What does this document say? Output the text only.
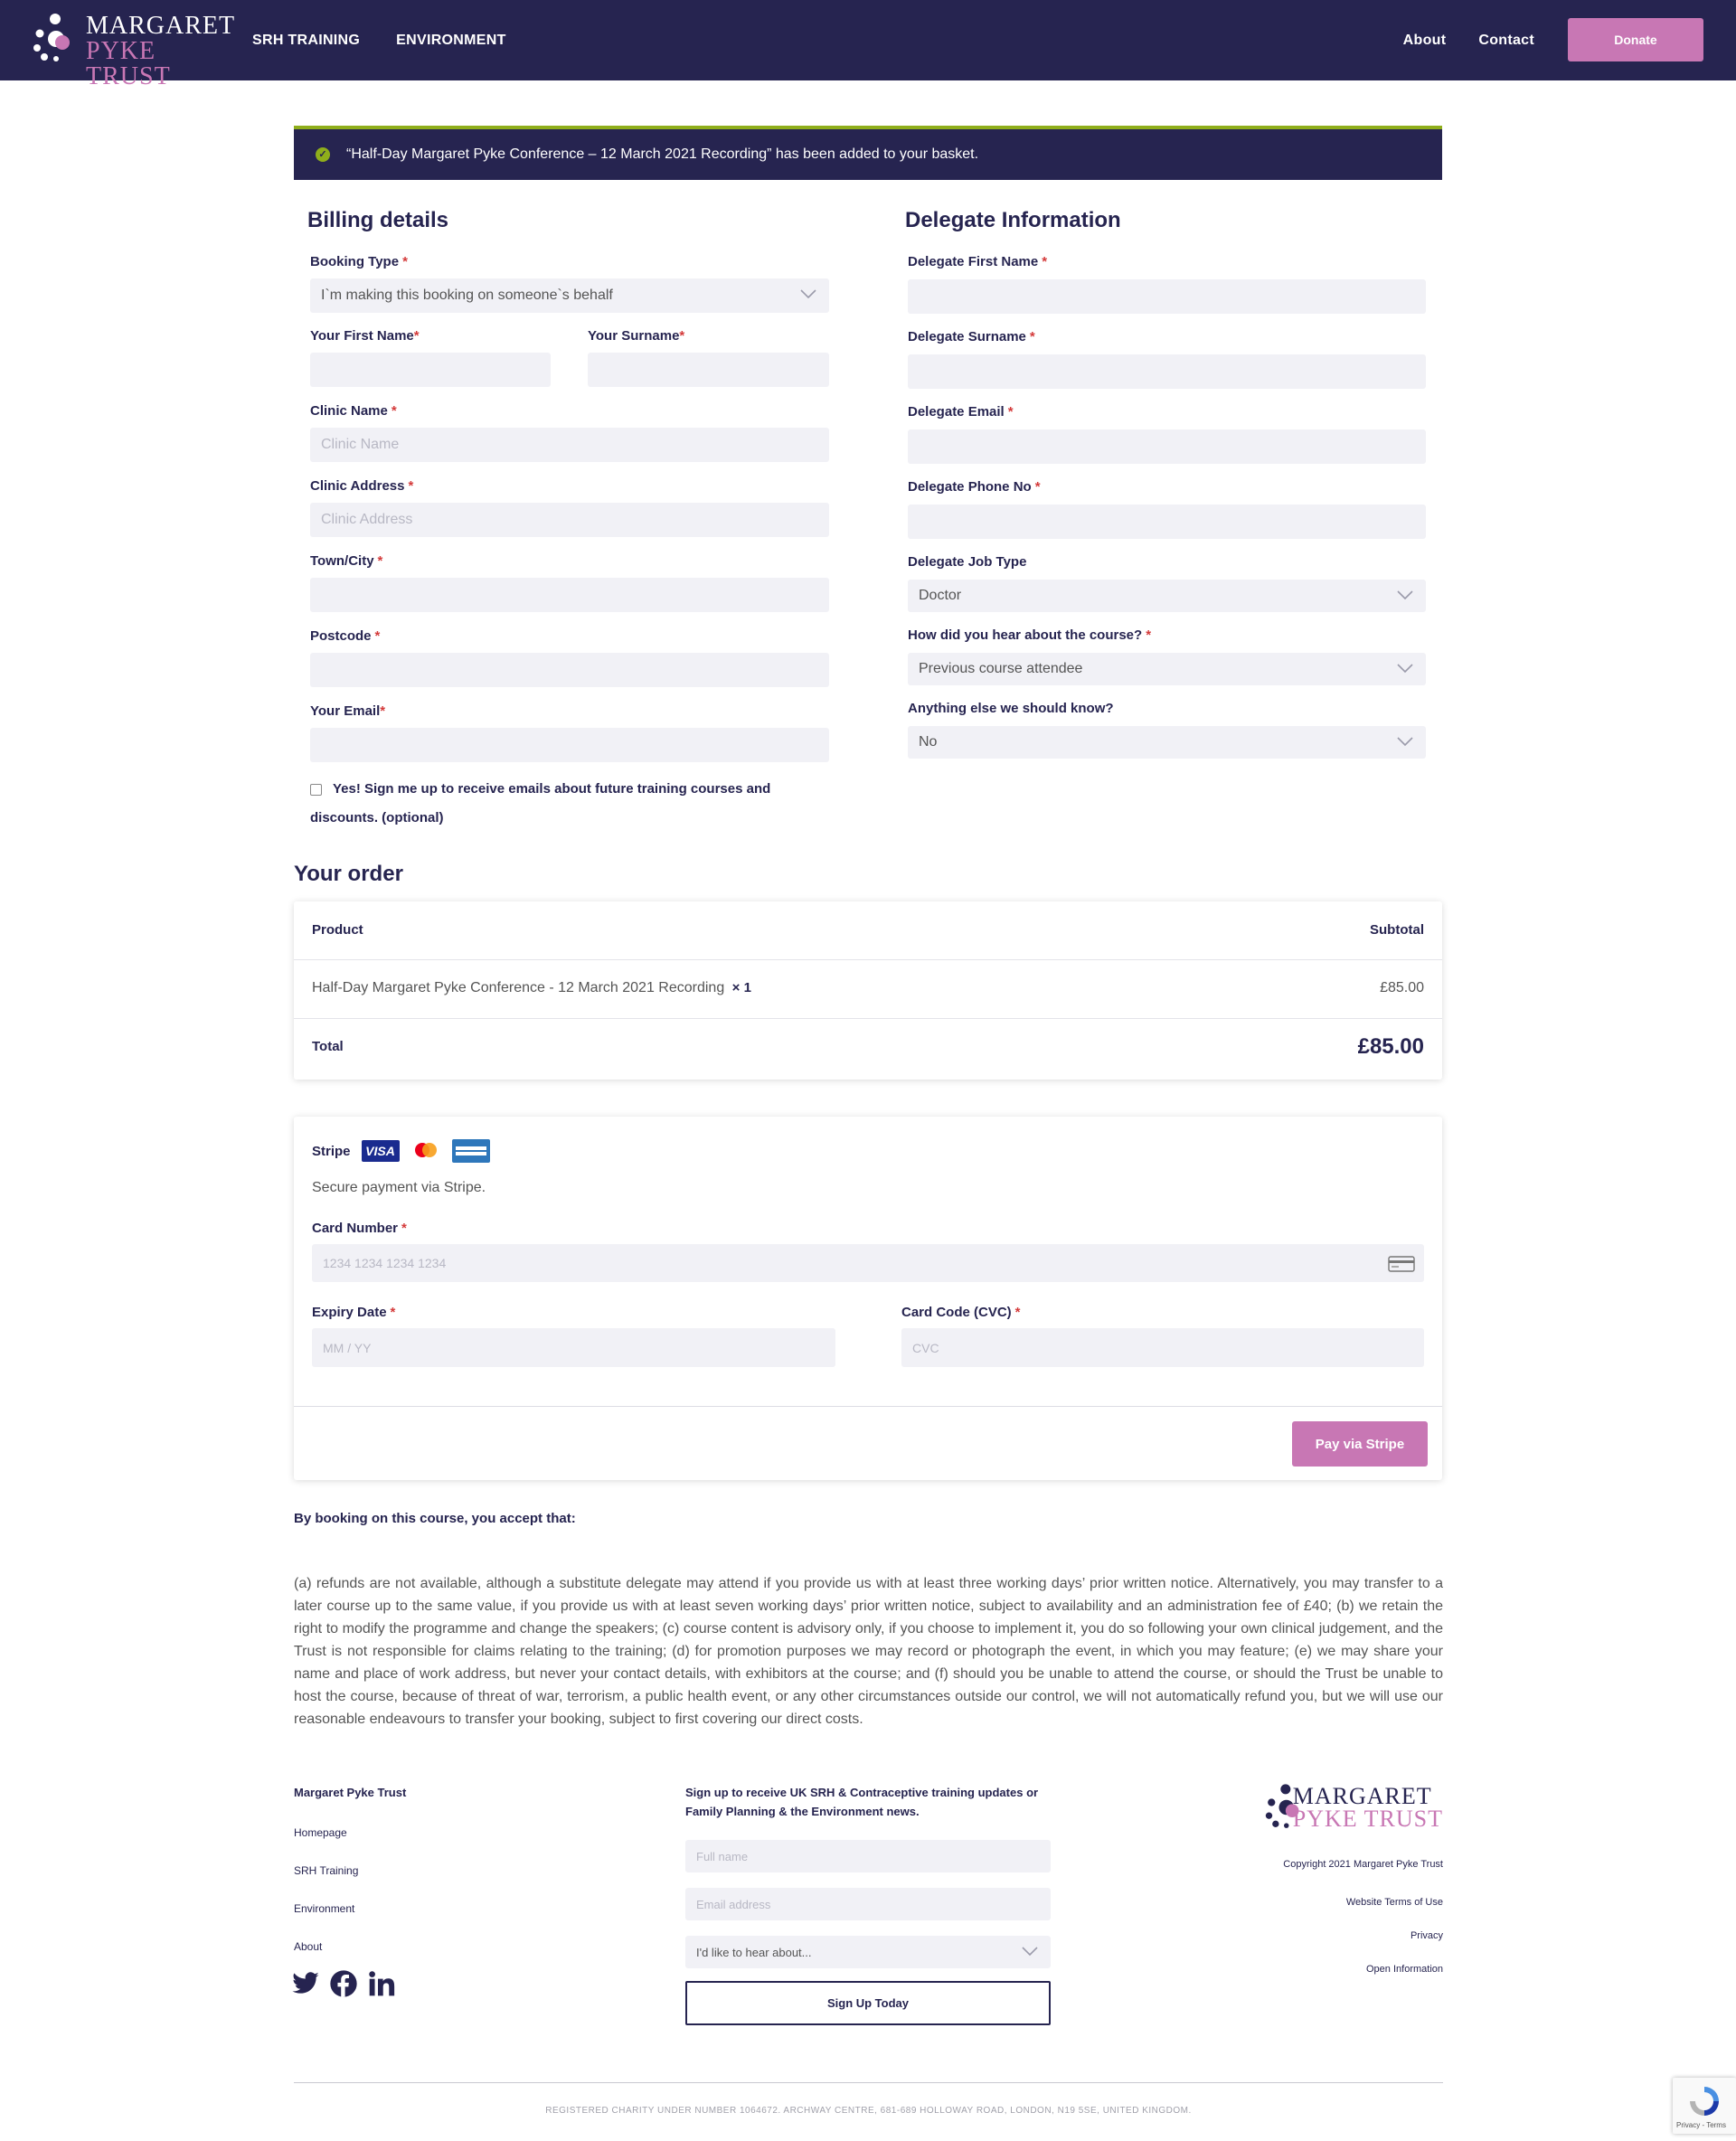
MARGARET
PYKE TRUST
SRH TRAINING	ENVIRONMENT	About Contact	Donate
✓ “Half-Day Margaret Pyke Conference – 12 March 2021 Recording” has been added to your basket.
Billing details
Booking Type *
I`m making this booking on someone`s behalf
Your First Name*	Your Surname*
Clinic Name *
Clinic Name
Clinic Address *
Clinic Address
Town/City *
Postcode *
Your Email*
Yes! Sign me up to receive emails about future training courses and discounts. (optional)
Delegate Information
Delegate First Name *
Delegate Surname *
Delegate Email *
Delegate Phone No *
Delegate Job Type
Doctor
How did you hear about the course? *
Previous course attendee
Anything else we should know?
No
Your order
Product	Subtotal
Half-Day Margaret Pyke Conference - 12 March 2021 Recording × 1	£85.00
Total	£85.00
Stripe	VISA
Secure payment via Stripe.
Card Number *
1234 1234 1234 1234
Expiry Date *
MM / YY	Card Code (CVC) *
CVC
Pay via Stripe
By booking on this course, you accept that:
(a) refunds are not available, although a substitute delegate may attend if you provide us with at least three working days’ prior written notice. Alternatively, you may transfer to a later course up to the same value, if you provide us with at least seven working days’ prior written notice, subject to availability and an administration fee of £40; (b) we retain the right to modify the programme and change the speakers; (c) course content is advisory only, if you choose to implement it, you do so following your own clinical judgement, and the Trust is not responsible for claims relating to the training; (d) for promotion purposes we may record or photograph the event, in which you may feature; (e) we may share your name and place of work address, but never your contact details, with exhibitors at the course; and (f) should you be unable to attend the course, or should the Trust be unable to host the course, because of threat of war, terrorism, a public health event, or any other circumstances outside our control, we will not automatically refund you, but we will use our reasonable endeavours to transfer your booking, subject to first covering our direct costs.
Margaret Pyke Trust
Homepage
SRH Training
Environment
About
Sign up to receive UK SRH & Contraceptive training updates or Family Planning & the Environment news.
Full name
Email address
I'd like to hear about...
Sign Up Today
MARGARET
PYKE TRUST
Copyright 2021 Margaret Pyke Trust
Website Terms of Use
Privacy
Open Information
REGISTERED CHARITY UNDER NUMBER 1064672. ARCHWAY CENTRE, 681-689 HOLLOWAY ROAD, LONDON, N19 5SE, UNITED KINGDOM.
Privacy - Terms
